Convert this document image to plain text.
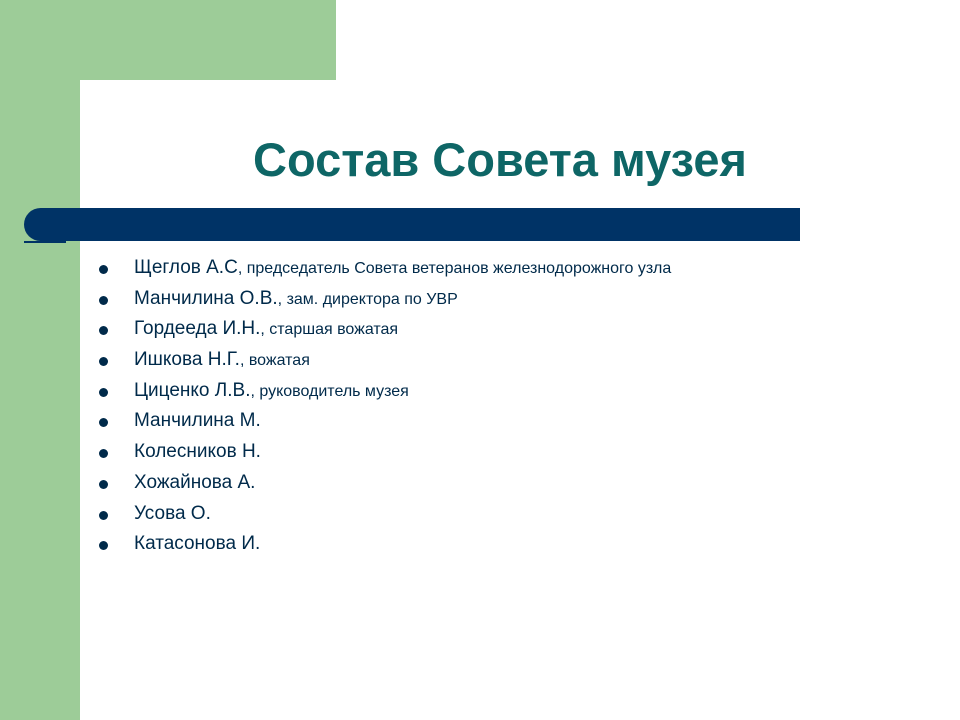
Состав Совета музея
Щеглов А.С, председатель Совета ветеранов железнодорожного узла
Манчилина О.В., зам. директора по УВР
Гордееда И.Н., старшая вожатая
Ишкова Н.Г., вожатая
Циценко Л.В., руководитель музея
Манчилина М.
Колесников Н.
Хожайнова А.
Усова О.
Катасонова И.
